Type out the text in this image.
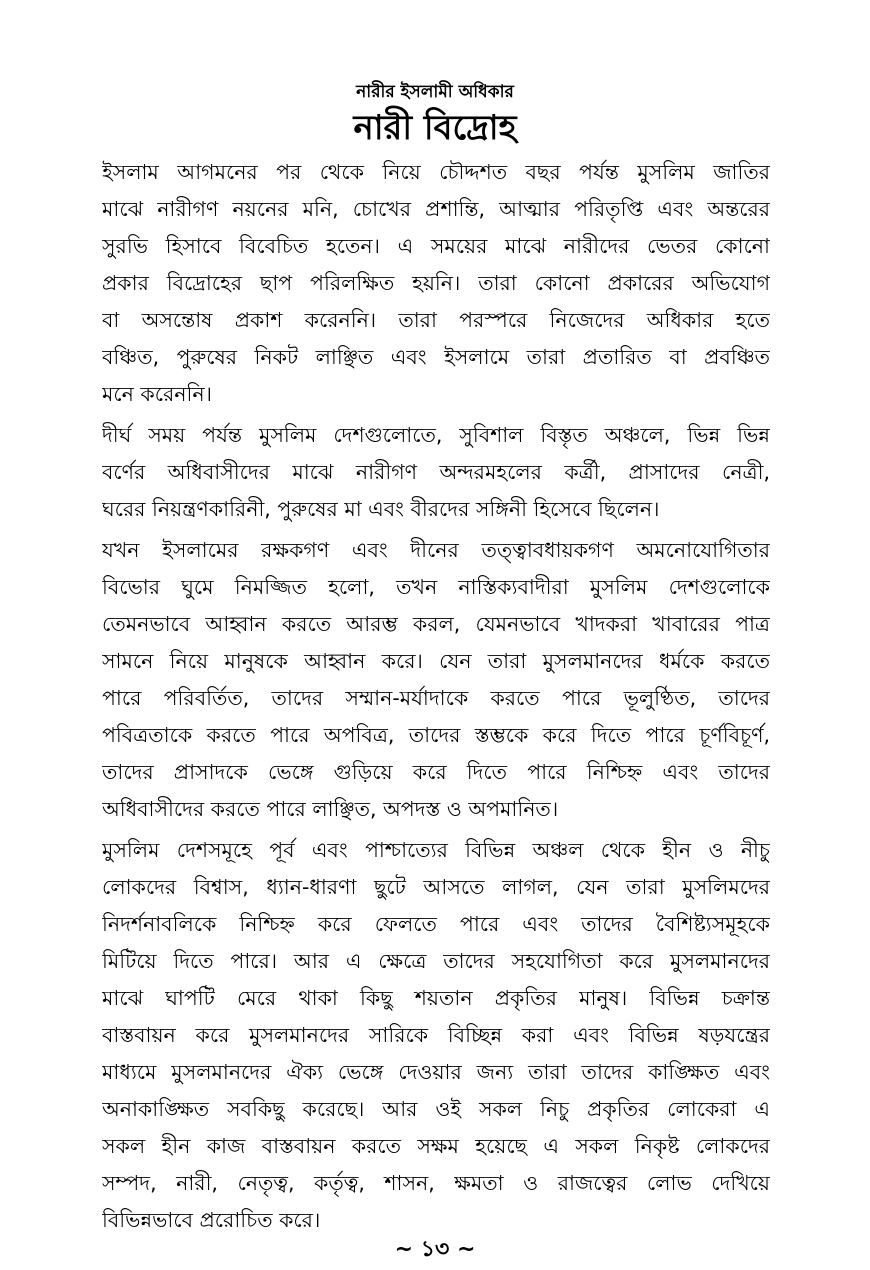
নারীর ইসলামী অধিকার
নারী বিদ্রোহ
ইসলাম আগমনের পর থেকে নিয়ে চৌদ্দশত বছর পর্যন্ত মুসলিম জাতির
মাঝে নারীগণ নয়নের মনি, চোখের প্রশান্তি, আত্মার পরিতৃপ্তি এবং অন্তরের
সুরভি হিসাবে বিবেচিত হতেন। এ সময়ের মাঝে নারীদের ভেতর কোনো
প্রকার বিদ্রোহের ছাপ পরিলক্ষিত হয়নি। তারা কোনো প্রকারের অভিযোগ
বা অসন্তোষ প্রকাশ করেননি। তারা পরস্পরে নিজেদের অধিকার হতে
বঞ্চিত, পুরুষের নিকট লাঞ্ছিত এবং ইসলামে তারা প্রতারিত বা প্রবঞ্চিত
মনে করেননি।
দীর্ঘ সময় পর্যন্ত মুসলিম দেশগুলোতে, সুবিশাল বিস্তৃত অঞ্চলে, ভিন্ন ভিন্ন
বর্ণের অধিবাসীদের মাঝে নারীগণ অন্দরমহলের কর্ত্রী, প্রাসাদের নেত্রী,
ঘরের নিয়ন্ত্রণকারিনী, পুরুষের মা এবং বীরদের সঙ্গিনী হিসেবে ছিলেন।
যখন ইসলামের রক্ষকগণ এবং দীনের তত্ত্বাবধায়কগণ অমনোযোগিতার
বিভোর ঘুমে নিমজ্জিত হলো, তখন নাস্তিক্যবাদীরা মুসলিম দেশগুলোকে
তেমনভাবে আহ্বান করতে আরম্ভ করল, যেমনভাবে খাদকরা খাবারের পাত্র
সামনে নিয়ে মানুষকে আহ্বান করে। যেন তারা মুসলমানদের ধর্মকে করতে
পারে পরিবর্তিত, তাদের সম্মান-মর্যাদাকে করতে পারে ভূলুণ্ঠিত, তাদের
পবিত্রতাকে করতে পারে অপবিত্র, তাদের স্তম্ভকে করে দিতে পারে চূর্ণবিচূর্ণ,
তাদের প্রাসাদকে ভেঙ্গে গুড়িয়ে করে দিতে পারে নিশ্চিহ্ন এবং তাদের
অধিবাসীদের করতে পারে লাঞ্ছিত, অপদস্ত ও অপমানিত।
মুসলিম দেশসমূহে পূর্ব এবং পাশ্চাত্যের বিভিন্ন অঞ্চল থেকে হীন ও নীচু
লোকদের বিশ্বাস, ধ্যান-ধারণা ছুটে আসতে লাগল, যেন তারা মুসলিমদের
নিদর্শনাবলিকে নিশ্চিহ্ন করে ফেলতে পারে এবং তাদের বৈশিষ্ট্যসমূহকে
মিটিয়ে দিতে পারে। আর এ ক্ষেত্রে তাদের সহযোগিতা করে মুসলমানদের
মাঝে ঘাপটি মেরে থাকা কিছু শয়তান প্রকৃতির মানুষ। বিভিন্ন চক্রান্ত
বাস্তবায়ন করে মুসলমানদের সারিকে বিচ্ছিন্ন করা এবং বিভিন্ন ষড়যন্ত্রের
মাধ্যমে মুসলমানদের ঐক্য ভেঙ্গে দেওয়ার জন্য তারা তাদের কাঙ্ক্ষিত এবং
অনাকাঙ্ক্ষিত সবকিছু করেছে। আর ওই সকল নিচু প্রকৃতির লোকেরা এ
সকল হীন কাজ বাস্তবায়ন করতে সক্ষম হয়েছে এ সকল নিকৃষ্ট লোকদের
সম্পদ, নারী, নেতৃত্ব, কর্তৃত্ব, শাসন, ক্ষমতা ও রাজত্বের লোভ দেখিয়ে
বিভিন্নভাবে প্ররোচিত করে।
~ ১৩ ~
